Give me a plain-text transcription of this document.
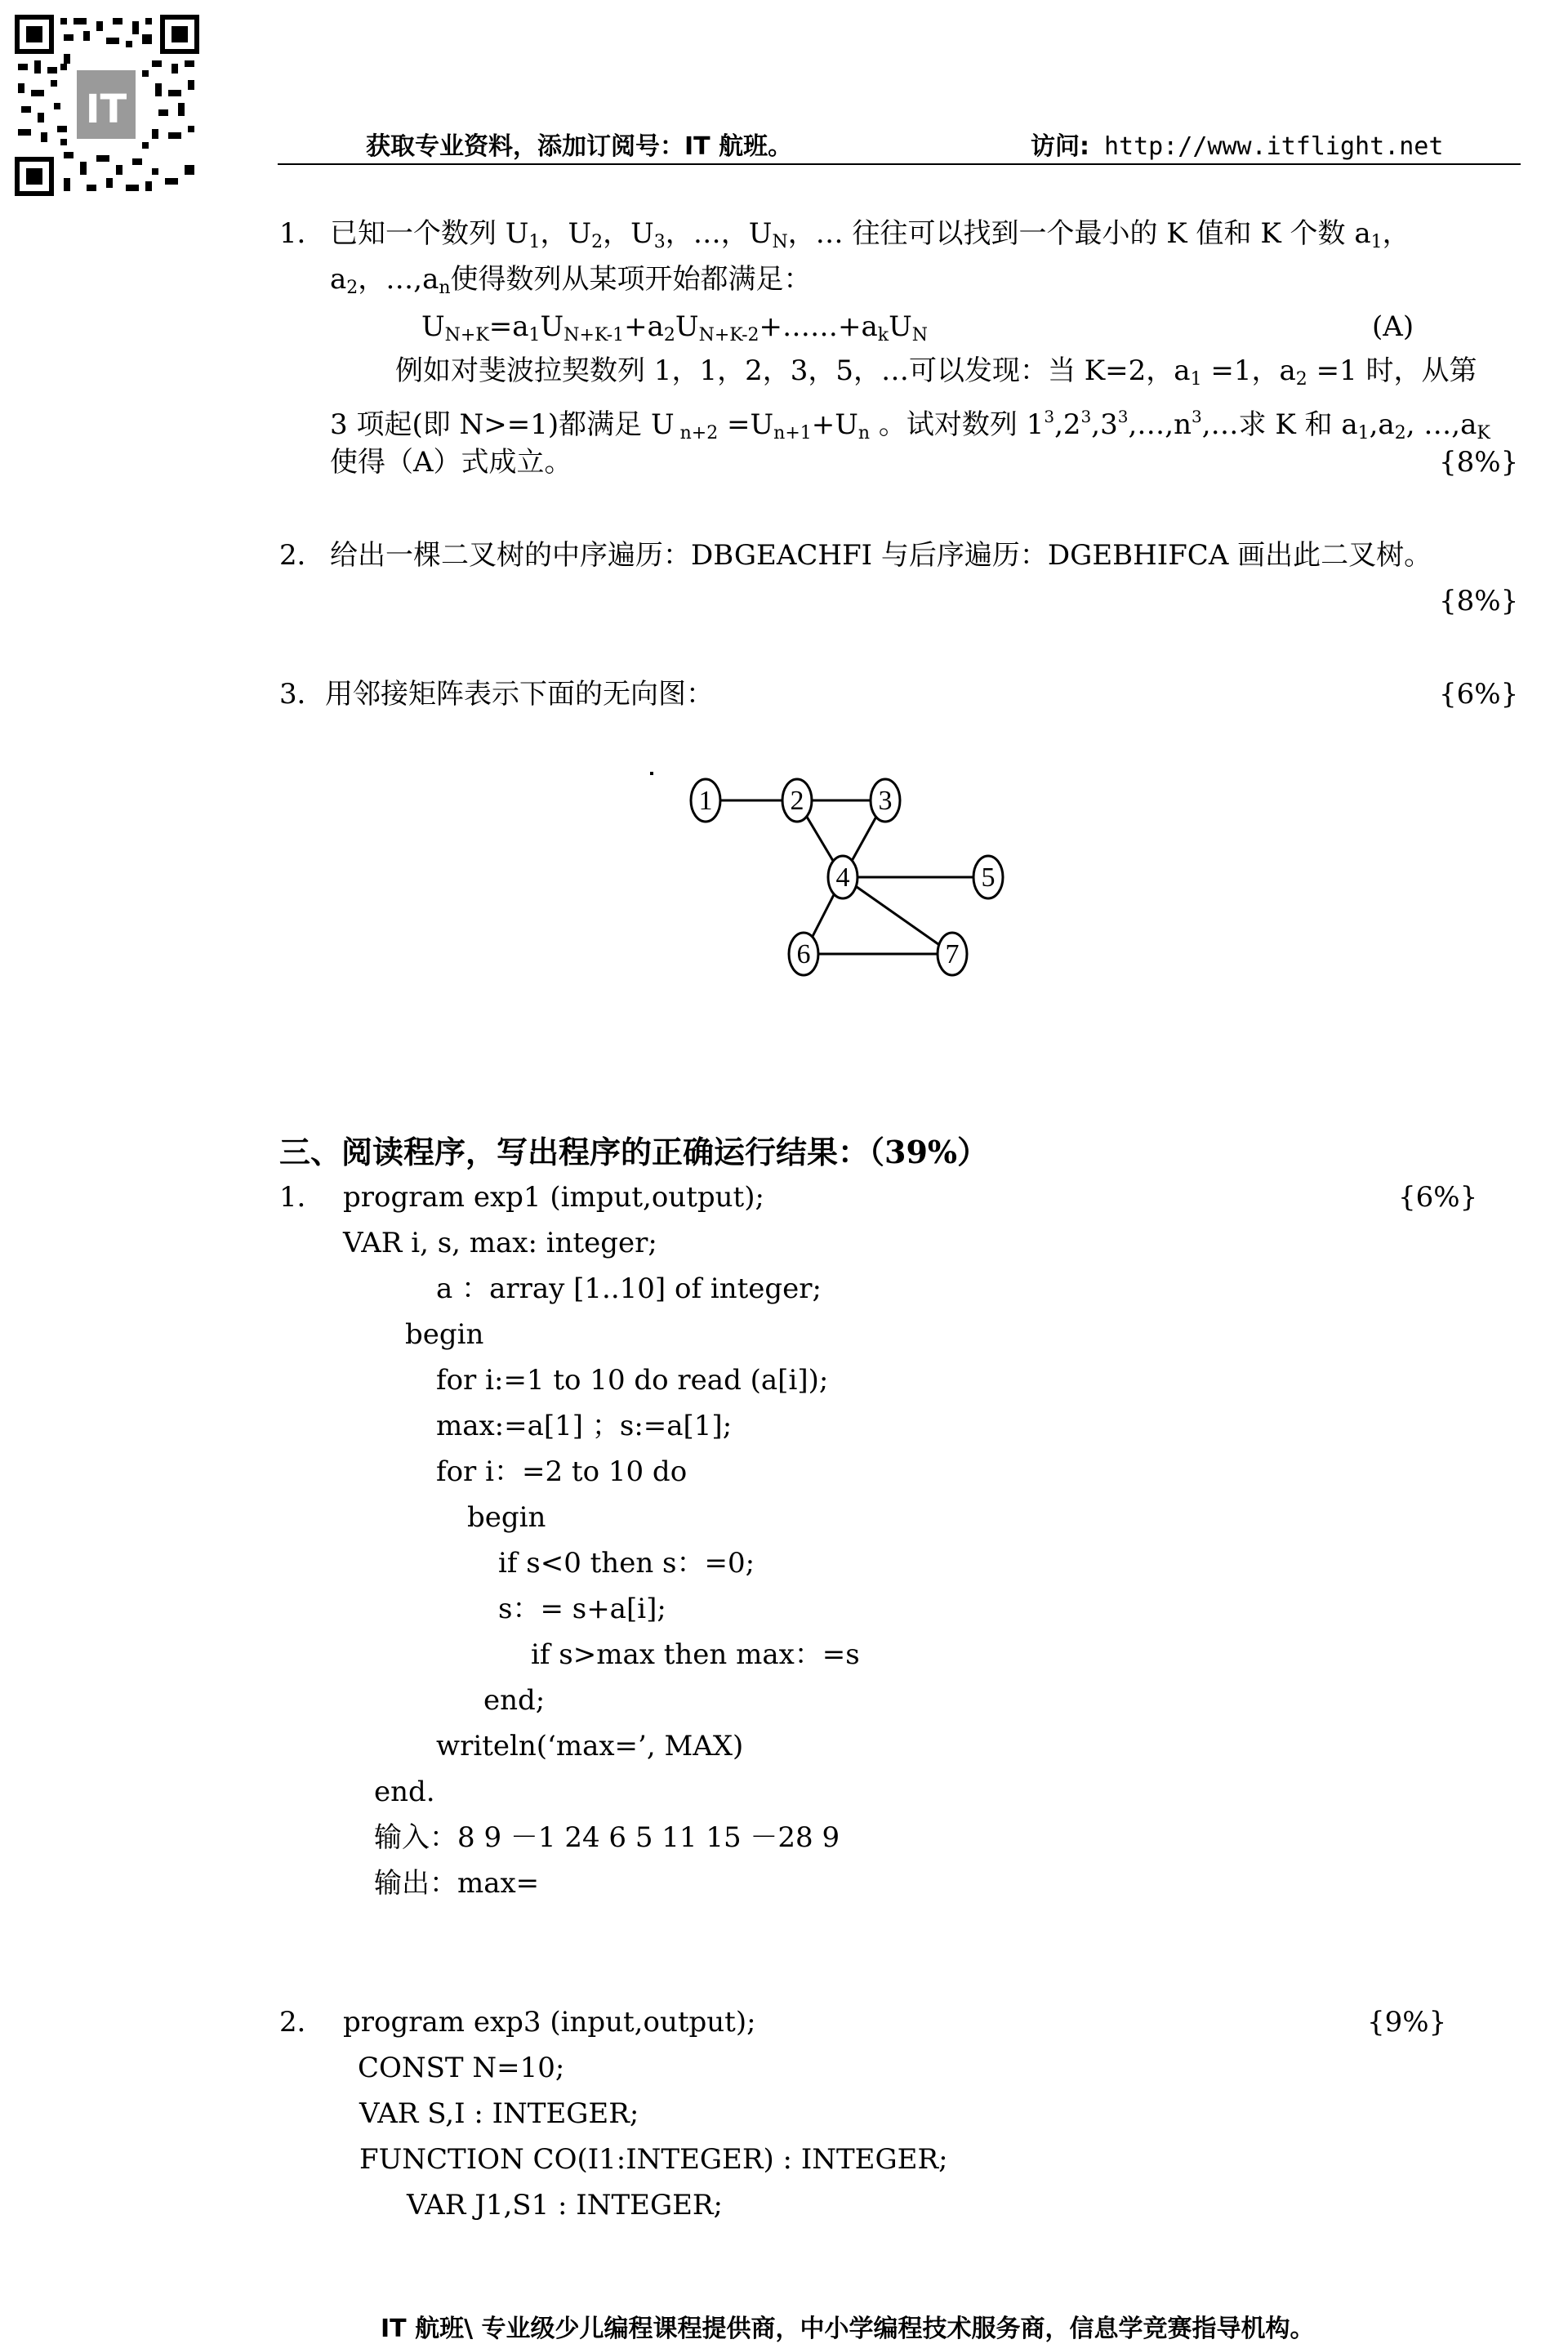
IT
获取专业资料，添加订阅号：IT 航班。	访问: http://www.itflight.net
1． 已知一个数列 $U_1$，$U_2$，$U_3$，…，$U_N$，… 往往可以找到一个最小的 K 值和 K 个数 $a_1$，
$a_2$，$\dots,a_n$使得数列从某项开始都满足：
$U_{N+K}=a_1U_{N+K-1}+a_2U_{N+K-2}+\dots\dots+a_kU_N$	(A)
例如对斐波拉契数列 1，1，2，3，5，…可以发现：当 K=2，$a_1 =1$，$a_2 =1$ 时，从第
3 项起(即 N>=1)都满足 U $_{n+2} =U_{n+1}+U_n$ 。试对数列 $1^3,2^3,3^3,\dots,n^3,\dots$求 K 和 $a_1,a_2$, $\dots,a_K$
使得（A）式成立。	{8%}
2． 给出一棵二叉树的中序遍历：DBGEACHFI 与后序遍历：DGEBHIFCA 画出此二叉树。
{8%}
3． 用邻接矩阵表示下面的无向图：	{6%}
1	2	3
4	5
6	7
三、阅读程序，写出程序的正确运行结果：（39%）
1．	{6%}
program exp1 (imput,output);
VAR i, s, max: integer;
a ：array [1..10] of integer;
begin
for i:=1 to 10 do read (a[i]);
max:=a[1] ；s:=a[1];
for i：=2 to 10 do
begin
if s<0 then s：=0;
s：= s+a[i];
if s>max then max：=s
end;
writeln(‘max=’, MAX)
end.
输入：8 9 －1 24 6 5 11 15 －28 9
输出：max=
2．	{9%}
program exp3 (input,output);
CONST N=10;
VAR S,I : INTEGER;
FUNCTION CO(I1:INTEGER) : INTEGER;
VAR J1,S1 : INTEGER;
IT 航班\ 专业级少儿编程课程提供商，中小学编程技术服务商，信息学竞赛指导机构。
